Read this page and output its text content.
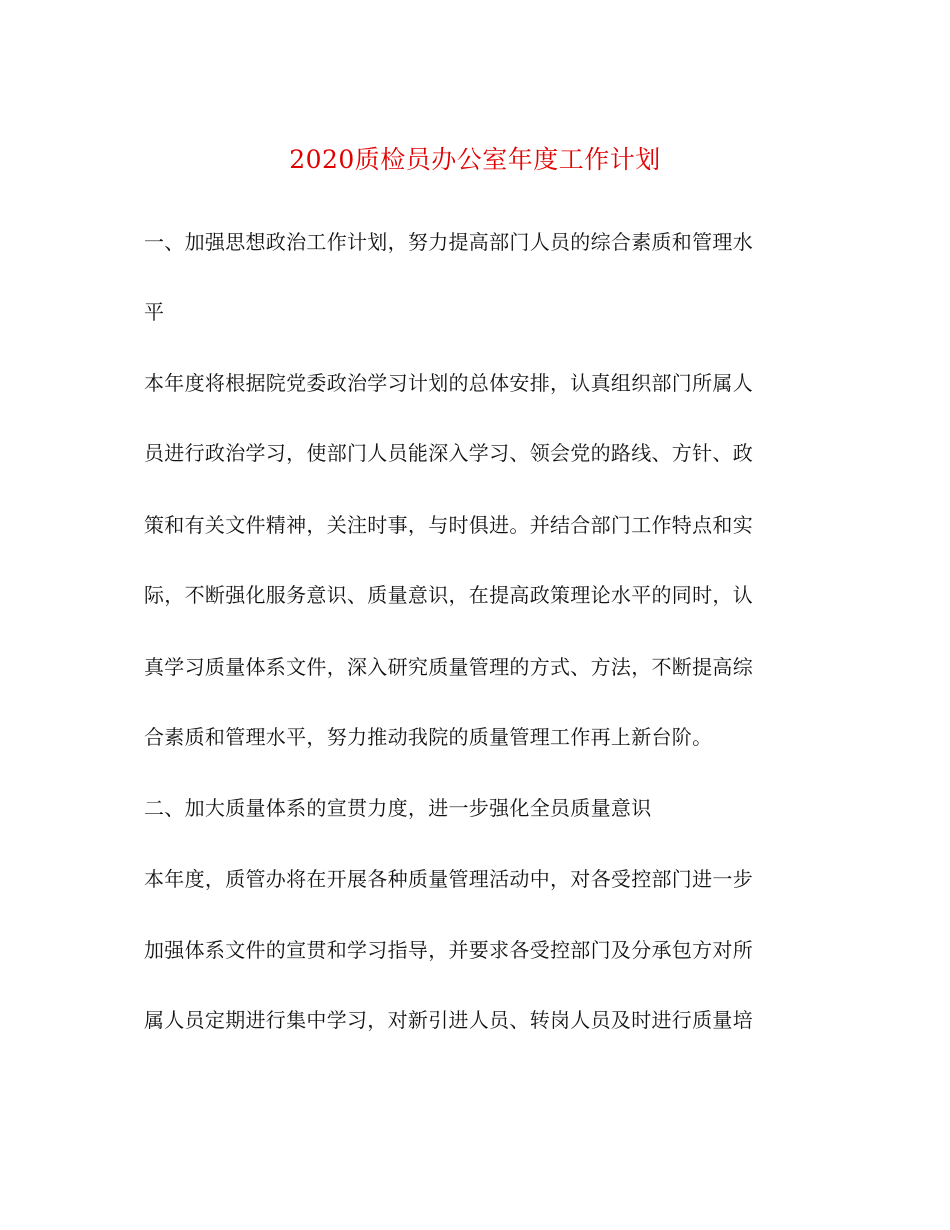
2020质检员办公室年度工作计划
一、加强思想政治工作计划，努力提高部门人员的综合素质和管理水
平
本年度将根据院党委政治学习计划的总体安排，认真组织部门所属人
员进行政治学习，使部门人员能深入学习、领会党的路线、方针、政
策和有关文件精神，关注时事，与时俱进。并结合部门工作特点和实
际，不断强化服务意识、质量意识，在提高政策理论水平的同时，认
真学习质量体系文件，深入研究质量管理的方式、方法，不断提高综
合素质和管理水平，努力推动我院的质量管理工作再上新台阶。
二、加大质量体系的宣贯力度，进一步强化全员质量意识
本年度，质管办将在开展各种质量管理活动中，对各受控部门进一步
加强体系文件的宣贯和学习指导，并要求各受控部门及分承包方对所
属人员定期进行集中学习，对新引进人员、转岗人员及时进行质量培
